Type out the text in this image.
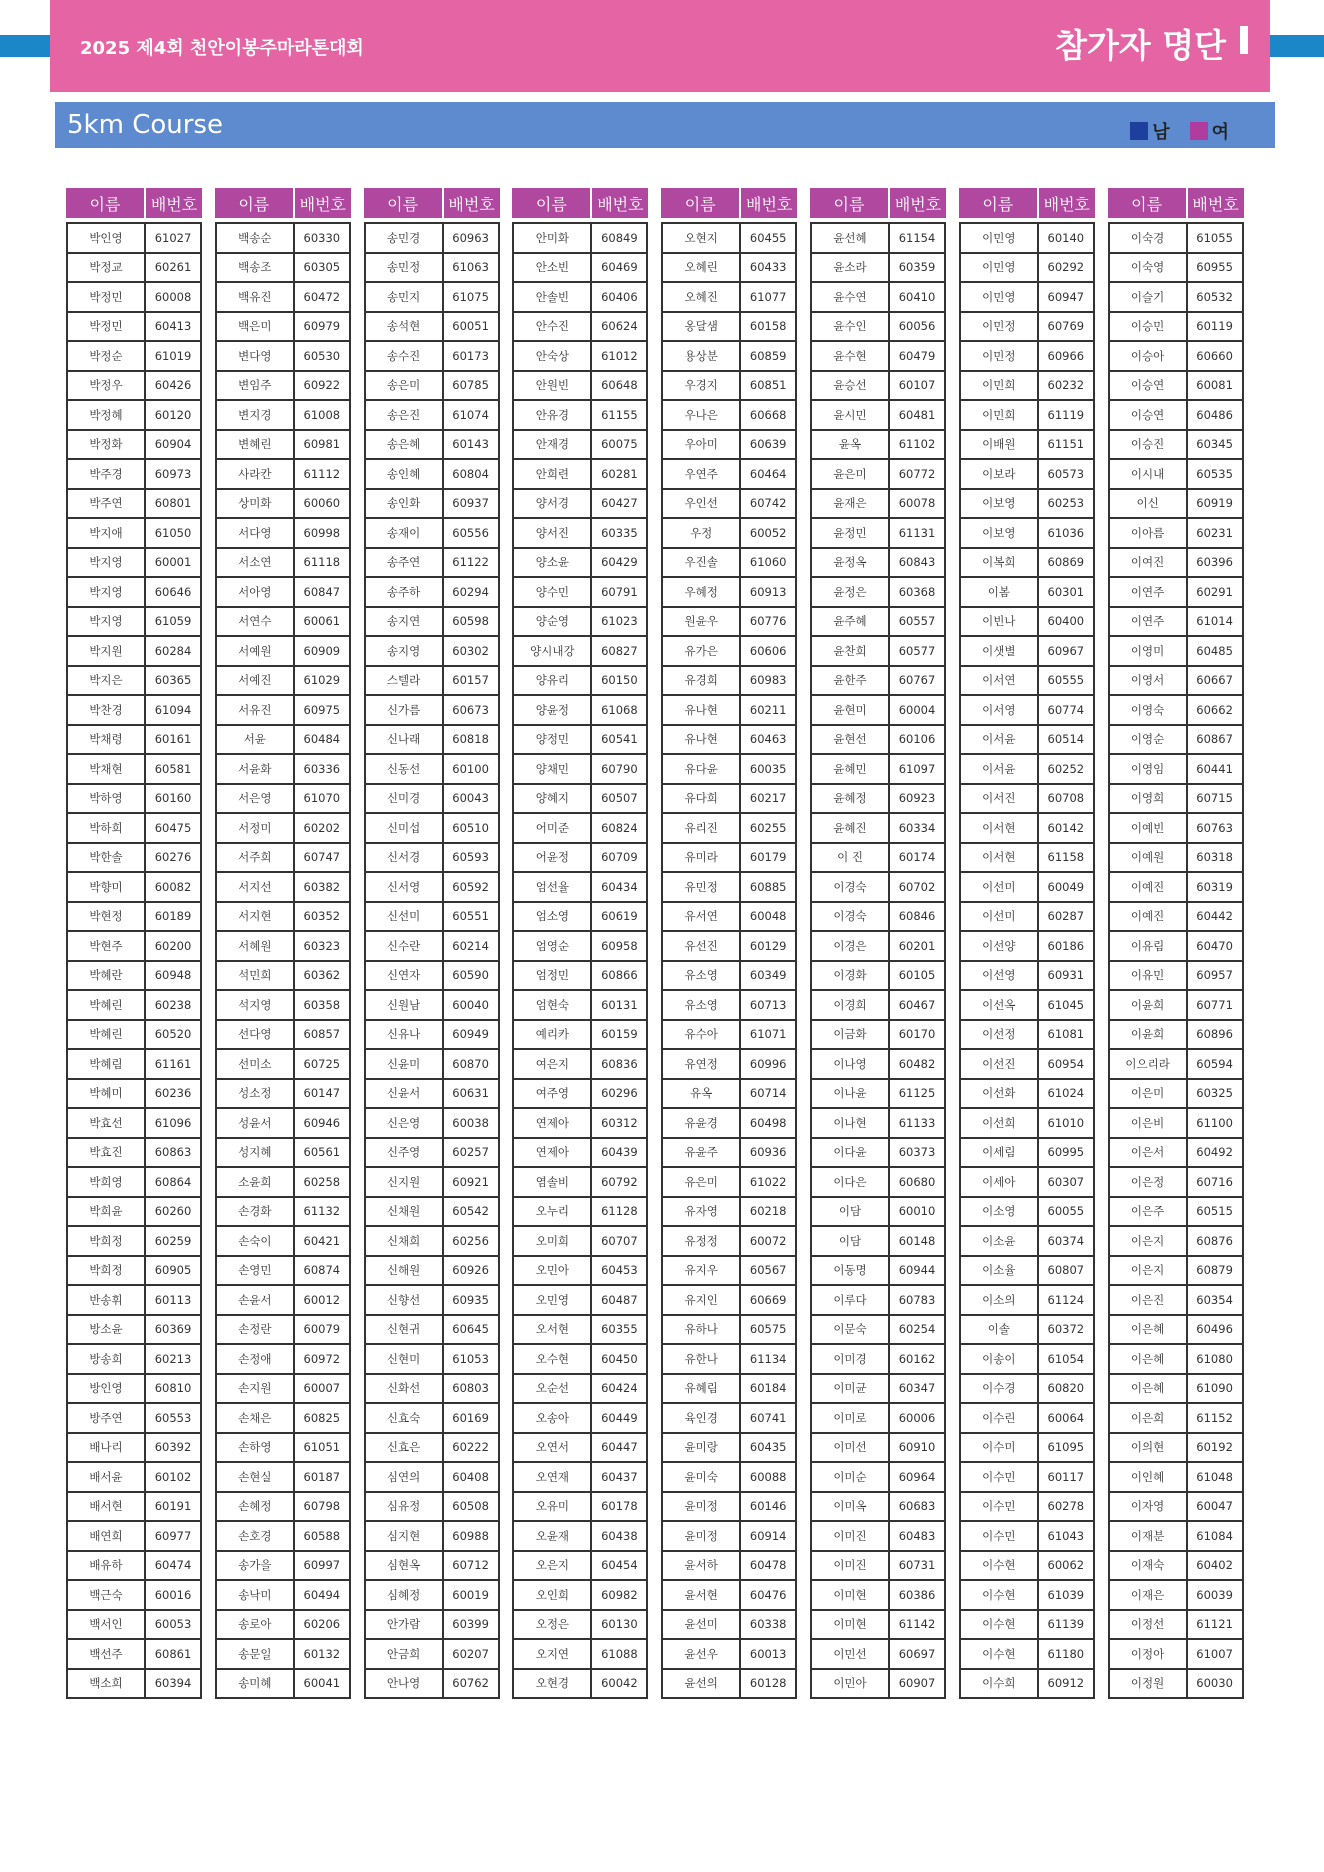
2025 제4회 천안이봉주마라톤대회	참가자 명단
5km Course	남 여
이름	배번호
박인영	61027
박정교	60261
박정민	60008
박정민	60413
박정순	61019
박정우	60426
박정혜	60120
박정화	60904
박주경	60973
박주연	60801
박지애	61050
박지영	60001
박지영	60646
박지영	61059
박지원	60284
박지은	60365
박찬경	61094
박채령	60161
박채현	60581
박하영	60160
박하희	60475
박한솔	60276
박향미	60082
박현정	60189
박현주	60200
박혜란	60948
박혜린	60238
박혜린	60520
박혜림	61161
박혜미	60236
박효선	61096
박효진	60863
박희영	60864
박희윤	60260
박희정	60259
박희정	60905
반송휘	60113
방소윤	60369
방송희	60213
방인영	60810
방주연	60553
배나리	60392
배서윤	60102
배서현	60191
배연희	60977
배유하	60474
백근숙	60016
백서인	60053
백선주	60861
백소희	60394
이름	배번호
백송순	60330
백송조	60305
백유진	60472
백은미	60979
변다영	60530
변임주	60922
변지경	61008
변혜린	60981
사라칸	61112
상미화	60060
서다영	60998
서소연	61118
서아영	60847
서연수	60061
서예원	60909
서예진	61029
서유진	60975
서윤	60484
서윤화	60336
서은영	61070
서정미	60202
서주희	60747
서지선	60382
서지현	60352
서혜원	60323
석민희	60362
석지영	60358
선다영	60857
선미소	60725
성소정	60147
성윤서	60946
성지혜	60561
소윤희	60258
손경화	61132
손숙이	60421
손영민	60874
손윤서	60012
손정란	60079
손정애	60972
손지원	60007
손채은	60825
손하영	61051
손현실	60187
손혜정	60798
손호경	60588
송가을	60997
송낙미	60494
송로아	60206
송문일	60132
송미혜	60041
이름	배번호
송민경	60963
송민정	61063
송민지	61075
송석현	60051
송수진	60173
송은미	60785
송은진	61074
송은혜	60143
송인혜	60804
송인화	60937
송재이	60556
송주연	61122
송주하	60294
송지연	60598
송지영	60302
스텔라	60157
신가름	60673
신나래	60818
신동선	60100
신미경	60043
신미섭	60510
신서경	60593
신서영	60592
신선미	60551
신수란	60214
신연자	60590
신원남	60040
신유나	60949
신윤미	60870
신윤서	60631
신은영	60038
신주영	60257
신지원	60921
신채원	60542
신채희	60256
신해원	60926
신향선	60935
신현귀	60645
신현미	61053
신화선	60803
신효숙	60169
신효은	60222
심연의	60408
심유정	60508
심지현	60988
심현옥	60712
심혜정	60019
안가람	60399
안금희	60207
안나영	60762
이름	배번호
안미화	60849
안소빈	60469
안솔빈	60406
안수진	60624
안숙상	61012
안원빈	60648
안유경	61155
안재경	60075
안희련	60281
양서경	60427
양서진	60335
양소윤	60429
양수민	60791
양순영	61023
양시내강	60827
양유리	60150
양윤정	61068
양정민	60541
양채민	60790
양혜지	60507
어미준	60824
어윤정	60709
엄선율	60434
엄소영	60619
엄영순	60958
엄정민	60866
엄현숙	60131
예리카	60159
여은지	60836
여주영	60296
연제아	60312
연제아	60439
염솔비	60792
오누리	61128
오미희	60707
오민아	60453
오민영	60487
오서현	60355
오수현	60450
오순선	60424
오송아	60449
오연서	60447
오연재	60437
오유미	60178
오윤재	60438
오은지	60454
오인희	60982
오정은	60130
오지연	61088
오현경	60042
이름	배번호
오현지	60455
오혜린	60433
오혜진	61077
옹달샘	60158
용상분	60859
우경지	60851
우나은	60668
우아미	60639
우연주	60464
우인선	60742
우정	60052
우진솔	61060
우혜정	60913
원윤우	60776
유가은	60606
유경희	60983
유나현	60211
유나현	60463
유다윤	60035
유다희	60217
유리진	60255
유미라	60179
유민정	60885
유서연	60048
유선진	60129
유소영	60349
유소영	60713
유수아	61071
유연정	60996
유옥	60714
유윤경	60498
유윤주	60936
유은미	61022
유자영	60218
유정정	60072
유지우	60567
유지인	60669
유하나	60575
유한나	61134
유혜림	60184
육인경	60741
윤미랑	60435
윤미숙	60088
윤미정	60146
윤미정	60914
윤서하	60478
윤서현	60476
윤선미	60338
윤선우	60013
윤선의	60128
이름	배번호
윤선혜	61154
윤소라	60359
윤수연	60410
윤수인	60056
윤수현	60479
윤승선	60107
윤시민	60481
윤옥	61102
윤은미	60772
윤재은	60078
윤정민	61131
윤정옥	60843
윤정은	60368
윤주혜	60557
윤찬희	60577
윤한주	60767
윤현미	60004
윤현선	60106
윤혜민	61097
윤혜정	60923
윤혜진	60334
이 진	60174
이경숙	60702
이경숙	60846
이경은	60201
이경화	60105
이경희	60467
이금화	60170
이나영	60482
이나윤	61125
이나현	61133
이다윤	60373
이다은	60680
이담	60010
이담	60148
이동명	60944
이루다	60783
이문숙	60254
이미경	60162
이미균	60347
이미로	60006
이미선	60910
이미순	60964
이미옥	60683
이미진	60483
이미진	60731
이미현	60386
이미현	61142
이민선	60697
이민아	60907
이름	배번호
이민영	60140
이민영	60292
이민영	60947
이민정	60769
이민정	60966
이민희	60232
이민희	61119
이배원	61151
이보라	60573
이보영	60253
이보영	61036
이복희	60869
이봄	60301
이빈나	60400
이샛별	60967
이서연	60555
이서영	60774
이서윤	60514
이서윤	60252
이서진	60708
이서현	60142
이서현	61158
이선미	60049
이선미	60287
이선양	60186
이선영	60931
이선옥	61045
이선정	61081
이선진	60954
이선화	61024
이선희	61010
이세림	60995
이세아	60307
이소영	60055
이소윤	60374
이소율	60807
이소의	61124
이솔	60372
이송이	61054
이수경	60820
이수린	60064
이수미	61095
이수민	60117
이수민	60278
이수민	61043
이수현	60062
이수현	61039
이수현	61139
이수현	61180
이수희	60912
이름	배번호
이숙경	61055
이숙영	60955
이슬기	60532
이승민	60119
이승아	60660
이승연	60081
이승연	60486
이승진	60345
이시내	60535
이신	60919
이아름	60231
이여진	60396
이연주	60291
이연주	61014
이영미	60485
이영서	60667
이영숙	60662
이영순	60867
이영임	60441
이영희	60715
이예빈	60763
이예원	60318
이예진	60319
이예진	60442
이유림	60470
이유민	60957
이윤희	60771
이윤희	60896
이으리라	60594
이은미	60325
이은비	61100
이은서	60492
이은정	60716
이은주	60515
이은지	60876
이은지	60879
이은진	60354
이은혜	60496
이은혜	61080
이은혜	61090
이은희	61152
이의현	60192
이인혜	61048
이자영	60047
이재분	61084
이재숙	60402
이재은	60039
이정선	61121
이정아	61007
이정원	60030
